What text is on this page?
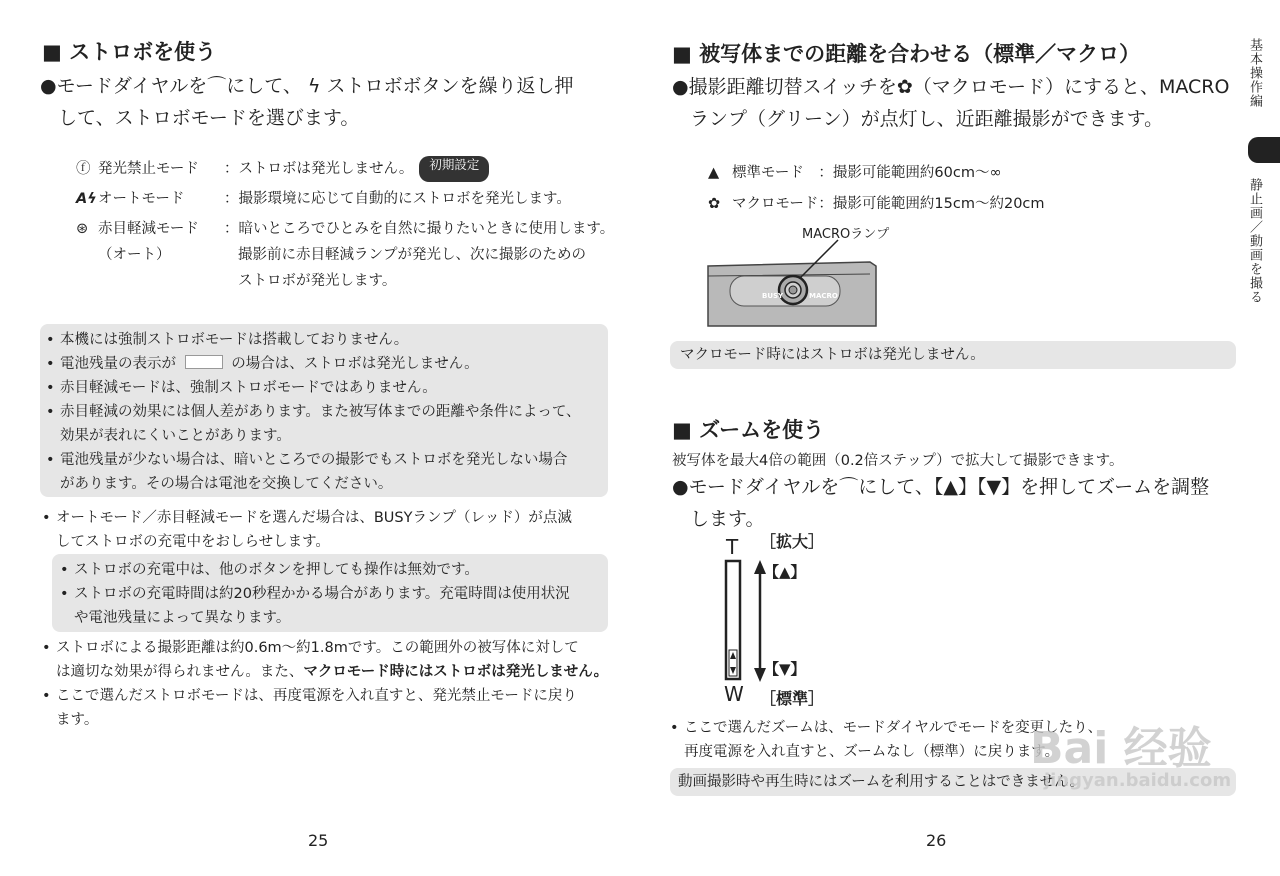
■ ストロボを使う
●モードダイヤルを⌒にして、 ϟ ストロボボタンを繰り返し押
して、ストロボモードを選びます。
ⓕ 発光禁止モード	：ストロボは発光しません。	初期設定
Aϟ オートモード	：撮影環境に応じて自動的にストロボを発光します。
⊛ 赤目軽減モード
（オート）
：暗いところでひとみを自然に撮りたいときに使用します。
撮影前に赤目軽減ランプが発光し、次に撮影のための
ストロボが発光します。
• 本機には強制ストロボモードは搭載しておりません。
• 電池残量の表示が	の場合は、ストロボは発光しません。
• 赤目軽減モードは、強制ストロボモードではありません。
• 赤目軽減の効果には個人差があります。また被写体までの距離や条件によって、
効果が表れにくいことがあります。
• 電池残量が少ない場合は、暗いところでの撮影でもストロボを発光しない場合
があります。その場合は電池を交換してください。
• オートモード／赤目軽減モードを選んだ場合は、BUSYランプ（レッド）が点滅
してストロボの充電中をおしらせします。
• ストロボの充電中は、他のボタンを押しても操作は無効です。
• ストロボの充電時間は約20秒程かかる場合があります。充電時間は使用状況
や電池残量によって異なります。
• ストロボによる撮影距離は約0.6m〜約1.8mです。この範囲外の被写体に対して
は適切な効果が得られません。また、マクロモード時にはストロボは発光しません。
• ここで選んだストロボモードは、再度電源を入れ直すと、発光禁止モードに戻り
ます。
25
■ 被写体までの距離を合わせる（標準／マクロ）
●撮影距離切替スイッチを✿（マクロモード）にすると、MACRO
ランプ（グリーン）が点灯し、近距離撮影ができます。
▲ 標準モード　：撮影可能範囲約60cm〜∞
✿ マクロモード：撮影可能範囲約15cm〜約20cm
MACROランプ
BUSY	MACRO
マクロモード時にはストロボは発光しません。
■ ズームを使う
被写体を最大4倍の範囲（0.2倍ステップ）で拡大して撮影できます。
●モードダイヤルを⌒にして、【▲】【▼】を押してズームを調整
します。
T
W
［拡大］
【▲】
【▼】
［標準］
• ここで選んだズームは、モードダイヤルでモードを変更したり、
再度電源を入れ直すと、ズームなし（標準）に戻ります。
動画撮影時や再生時にはズームを利用することはできません。
26
基本操作編
静止画／動画を撮る
Bai 经验
jingyan.baidu.com
